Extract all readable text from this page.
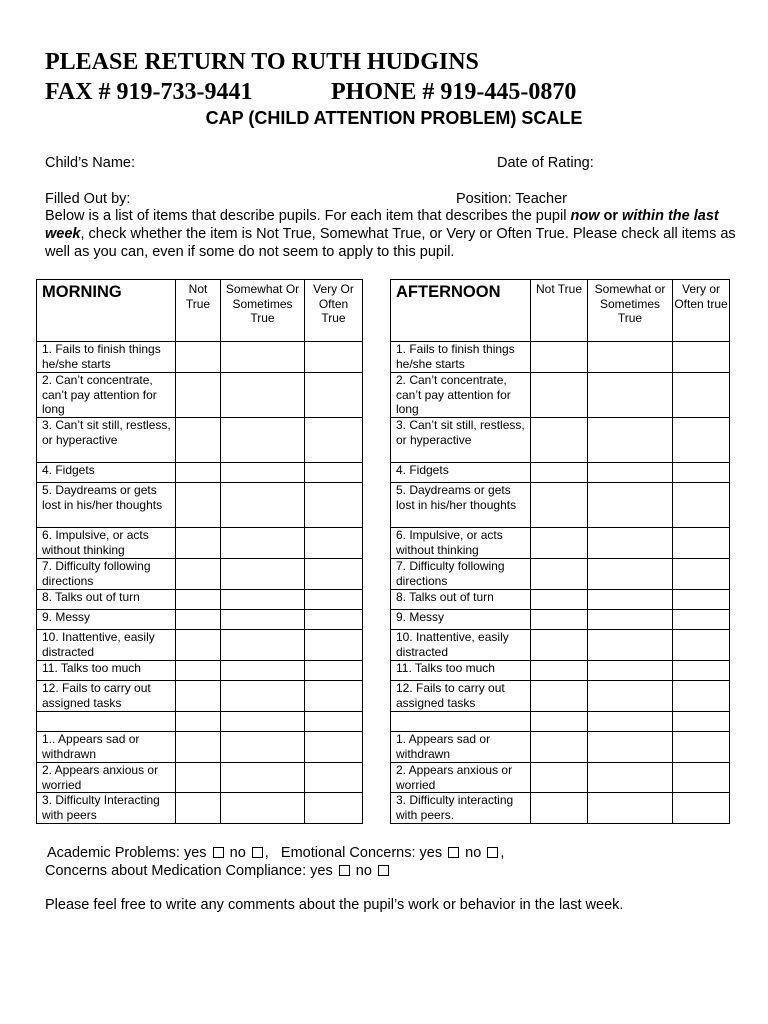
PLEASE RETURN TO RUTH HUDGINS
FAX # 919-733-9441	PHONE # 919-445-0870
CAP (CHILD ATTENTION PROBLEM) SCALE
Child’s Name:	Date of Rating:
Filled Out by:	Position: Teacher
Below is a list of items that describe pupils. For each item that describes the pupil now or within the last week, check whether the item is Not True, Somewhat True, or Very or Often True. Please check all items as well as you can, even if some do not seem to apply to this pupil.
MORNING	Not True	Somewhat Or Sometimes True	Very Or Often True
1. Fails to finish things he/she starts			
2. Can’t concentrate, can’t pay attention for long			
3. Can’t sit still, restless, or hyperactive			
4. Fidgets			
5. Daydreams or gets lost in his/her thoughts			
6. Impulsive, or acts without thinking			
7. Difficulty following directions			
8. Talks out of turn			
9. Messy			
10. Inattentive, easily distracted			
11. Talks too much			
12. Fails to carry out assigned tasks			

1.. Appears sad or withdrawn			
2. Appears anxious or worried			
3. Difficulty Interacting with peers			
AFTERNOON	Not True	Somewhat or Sometimes True	Very or Often true
1. Fails to finish things he/she starts			
2. Can’t concentrate, can’t pay attention for long			
3. Can’t sit still, restless, or hyperactive			
4. Fidgets			
5. Daydreams or gets lost in his/her thoughts			
6. Impulsive, or acts without thinking			
7. Difficulty following directions			
8. Talks out of turn			
9. Messy			
10. Inattentive, easily distracted			
11. Talks too much			
12. Fails to carry out assigned tasks			

1. Appears sad or withdrawn			
2. Appears anxious or worried			
3. Difficulty interacting with peers.			
Academic Problems: yes no ,   Emotional Concerns: yes no ,
Concerns about Medication Compliance: yes no
Please feel free to write any comments about the pupil’s work or behavior in the last week.
